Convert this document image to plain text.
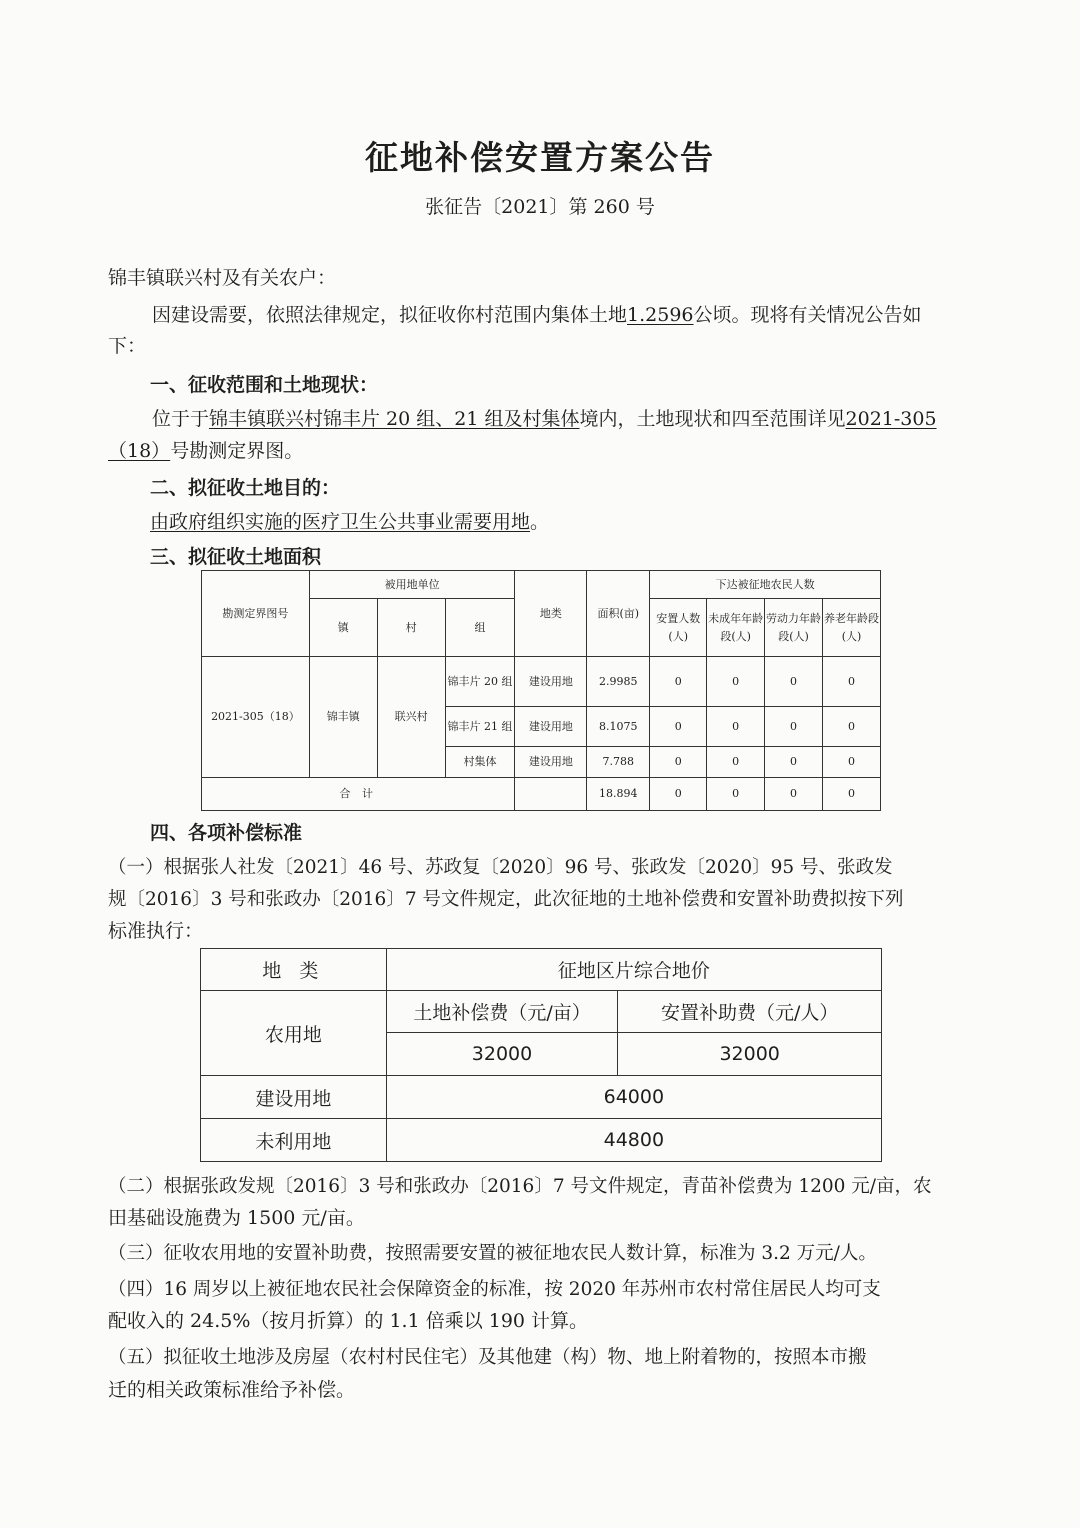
征地补偿安置方案公告
张征告〔2021〕第 260 号
锦丰镇联兴村及有关农户：
因建设需要，依照法律规定，拟征收你村范围内集体土地1.2596公顷。现将有关情况公告如
下：
一、征收范围和土地现状：
位于于锦丰镇联兴村锦丰片 20 组、21 组及村集体境内，土地现状和四至范围详见2021-305
（18）号勘测定界图。
二、拟征收土地目的：
由政府组织实施的医疗卫生公共事业需要用地。
三、拟征收土地面积
勘测定界图号	被用地单位			地类	面积(亩)	下达被征地农民人数			
	镇	村	组			安置人数(人)	未成年年龄段(人)	劳动力年龄段(人)	养老年龄段(人)
2021-305（18）	锦丰镇	联兴村	锦丰片 20 组	建设用地	2.9985	0	0	0	0
			锦丰片 21 组	建设用地	8.1075	0	0	0	0
			村集体	建设用地	7.788	0	0	0	0
合 计					18.894	0	0	0	0
四、各项补偿标准
（一）根据张人社发〔2021〕46 号、苏政复〔2020〕96 号、张政发〔2020〕95 号、张政发
规〔2016〕3 号和张政办〔2016〕7 号文件规定，此次征地的土地补偿费和安置补助费拟按下列
标准执行：
地 类	征地区片综合地价	
农用地	土地补偿费（元/亩）	安置补助费（元/人）
	32000	32000
建设用地	64000	
未利用地	44800	
（二）根据张政发规〔2016〕3 号和张政办〔2016〕7 号文件规定，青苗补偿费为 1200 元/亩，农
田基础设施费为 1500 元/亩。
（三）征收农用地的安置补助费，按照需要安置的被征地农民人数计算，标准为 3.2 万元/人。
（四）16 周岁以上被征地农民社会保障资金的标准，按 2020 年苏州市农村常住居民人均可支
配收入的 24.5%（按月折算）的 1.1 倍乘以 190 计算。
（五）拟征收土地涉及房屋（农村村民住宅）及其他建（构）物、地上附着物的，按照本市搬
迁的相关政策标准给予补偿。
